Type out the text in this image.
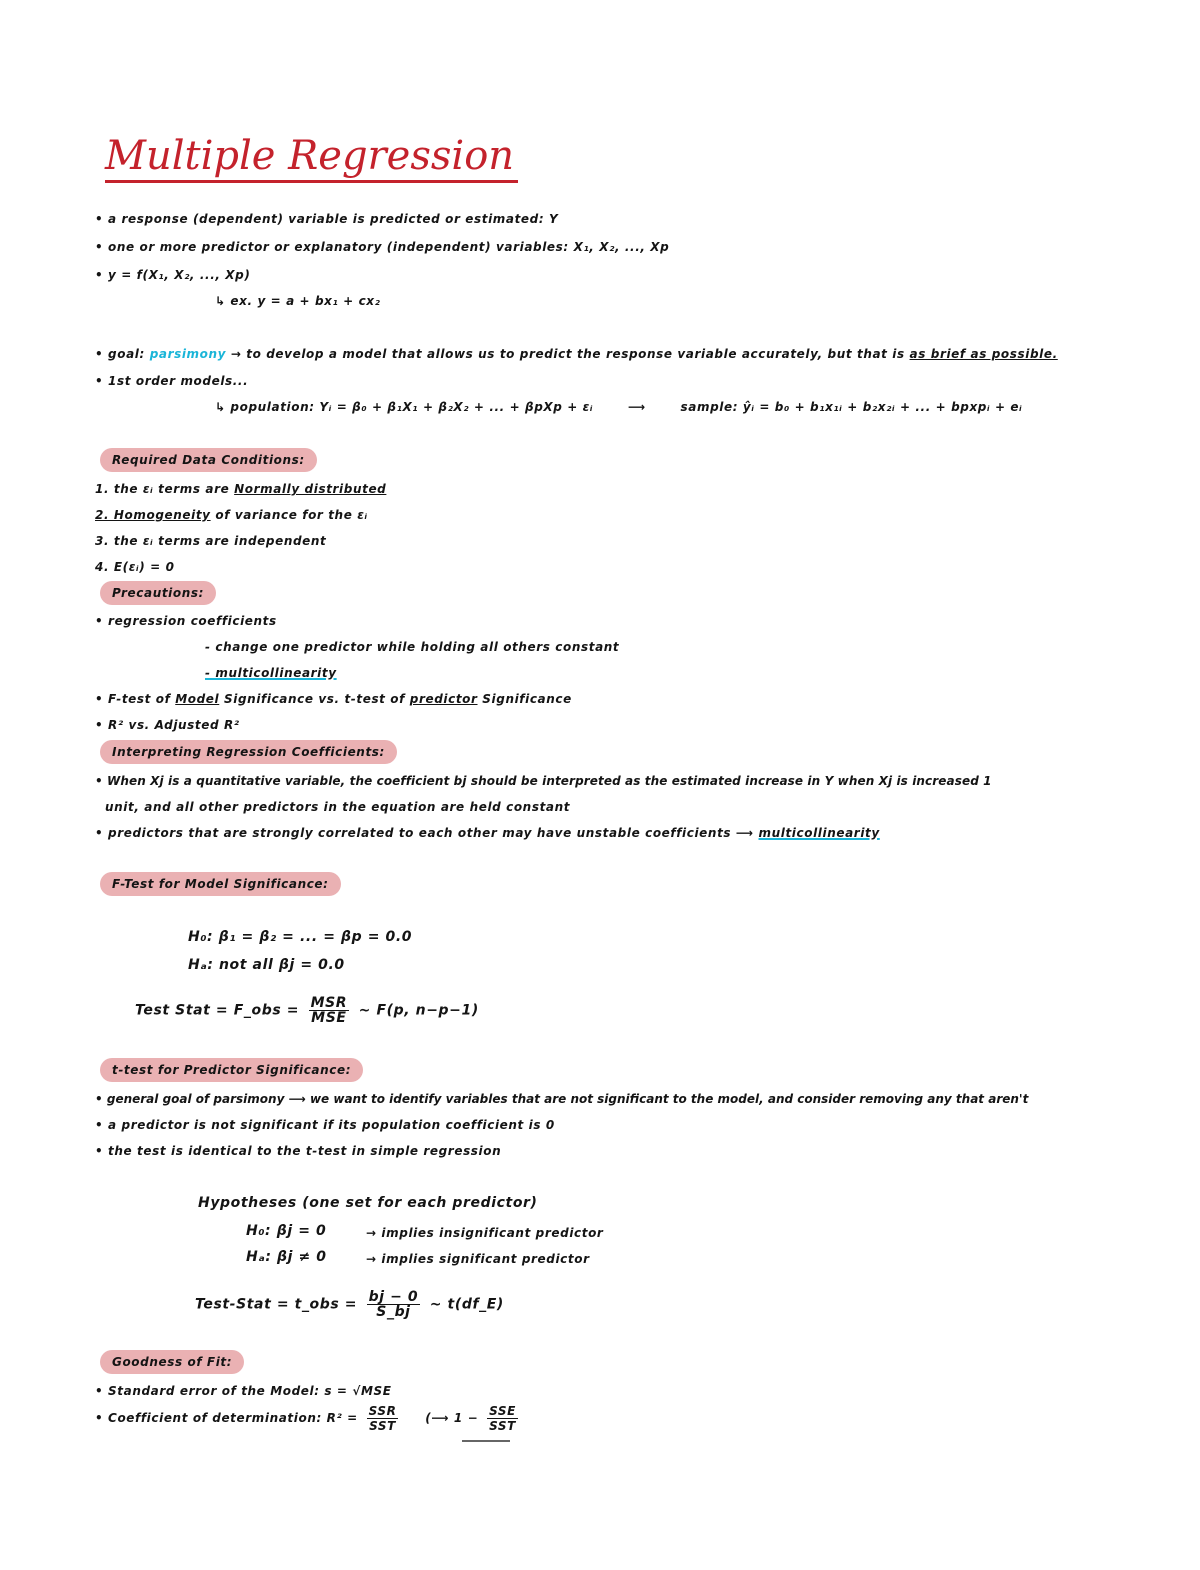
Multiple Regression
• a response (dependent) variable is predicted or estimated: Y
• one or more predictor or explanatory (independent) variables: X₁, X₂, ..., Xp
• y = f(X₁, X₂, ..., Xp)
↳ ex. y = a + bx₁ + cx₂
• goal: parsimony → to develop a model that allows us to predict the response variable accurately, but that is as brief as possible.
• 1st order models...
↳ population: Yᵢ = β₀ + β₁X₁ + β₂X₂ + ... + βpXp + εᵢ	⟶	sample: ŷᵢ = b₀ + b₁x₁ᵢ + b₂x₂ᵢ + ... + bpxpᵢ + eᵢ
Required Data Conditions:
1. the εᵢ terms are Normally distributed
2. Homogeneity of variance for the εᵢ
3. the εᵢ terms are independent
4. E(εᵢ) = 0
Precautions:
• regression coefficients
- change one predictor while holding all others constant
- multicollinearity
• F-test of Model Significance vs. t-test of predictor Significance
• R² vs. Adjusted R²
Interpreting Regression Coefficients:
• When Xj is a quantitative variable, the coefficient bj should be interpreted as the estimated increase in Y when Xj is increased 1
unit, and all other predictors in the equation are held constant
• predictors that are strongly correlated to each other may have unstable coefficients ⟶ multicollinearity
F-Test for Model Significance:
H₀: β₁ = β₂ = ... = βp = 0.0
Hₐ: not all βj = 0.0
Test Stat = F_obs = $\frac{\text{MSR}}{\text{MSE}}$ ~ F(p, n−p−1)
t-test for Predictor Significance:
• general goal of parsimony ⟶ we want to identify variables that are not significant to the model, and consider removing any that aren't
• a predictor is not significant if its population coefficient is 0
• the test is identical to the t-test in simple regression
Hypotheses (one set for each predictor)
H₀: βj = 0	→ implies insignificant predictor
Hₐ: βj ≠ 0	→ implies significant predictor
Test-Stat = t_obs = $\frac{bj - 0}{S\_bj}$ ~ t(df_E)
Goodness of Fit:
• Standard error of the Model: s = √MSE
• Coefficient of determination: $R^2 = \frac{\text{SSR}}{\text{SST}}$ (⟶ $1 - \frac{\text{SSE}}{\text{SST}}$
